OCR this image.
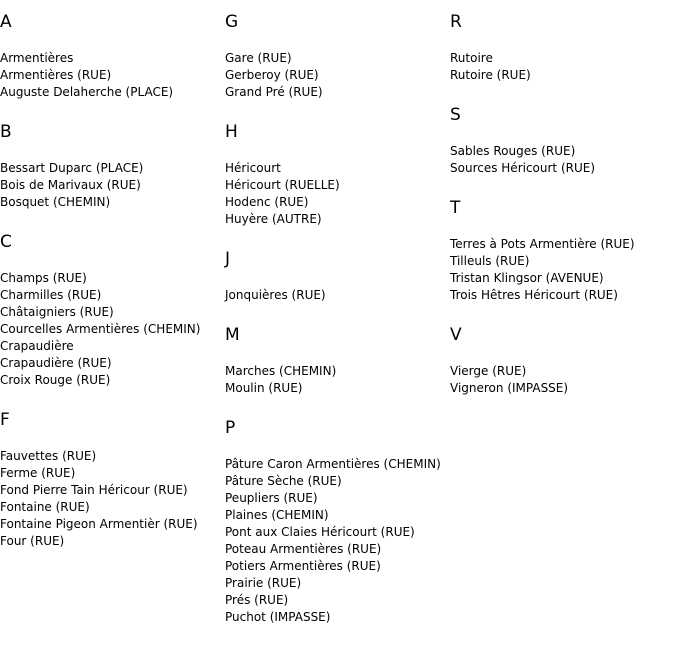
A
Armentières
Armentières (RUE)
Auguste Delaherche (PLACE)
B
Bessart Duparc (PLACE)
Bois de Marivaux (RUE)
Bosquet (CHEMIN)
C
Champs (RUE)
Charmilles (RUE)
Châtaigniers (RUE)
Courcelles Armentières (CHEMIN)
Crapaudière
Crapaudière (RUE)
Croix Rouge (RUE)
F
Fauvettes (RUE)
Ferme (RUE)
Fond Pierre Tain Héricour (RUE)
Fontaine (RUE)
Fontaine Pigeon Armentièr (RUE)
Four (RUE)
G
Gare (RUE)
Gerberoy (RUE)
Grand Pré (RUE)
H
Héricourt
Héricourt (RUELLE)
Hodenc (RUE)
Huyère (AUTRE)
J
Jonquières (RUE)
M
Marches (CHEMIN)
Moulin (RUE)
P
Pâture Caron Armentières (CHEMIN)
Pâture Sèche (RUE)
Peupliers (RUE)
Plaines (CHEMIN)
Pont aux Claies Héricourt (RUE)
Poteau Armentières (RUE)
Potiers Armentières (RUE)
Prairie (RUE)
Prés (RUE)
Puchot (IMPASSE)
R
Rutoire
Rutoire (RUE)
S
Sables Rouges (RUE)
Sources Héricourt (RUE)
T
Terres à Pots Armentière (RUE)
Tilleuls (RUE)
Tristan Klingsor (AVENUE)
Trois Hêtres Héricourt (RUE)
V
Vierge (RUE)
Vigneron (IMPASSE)
